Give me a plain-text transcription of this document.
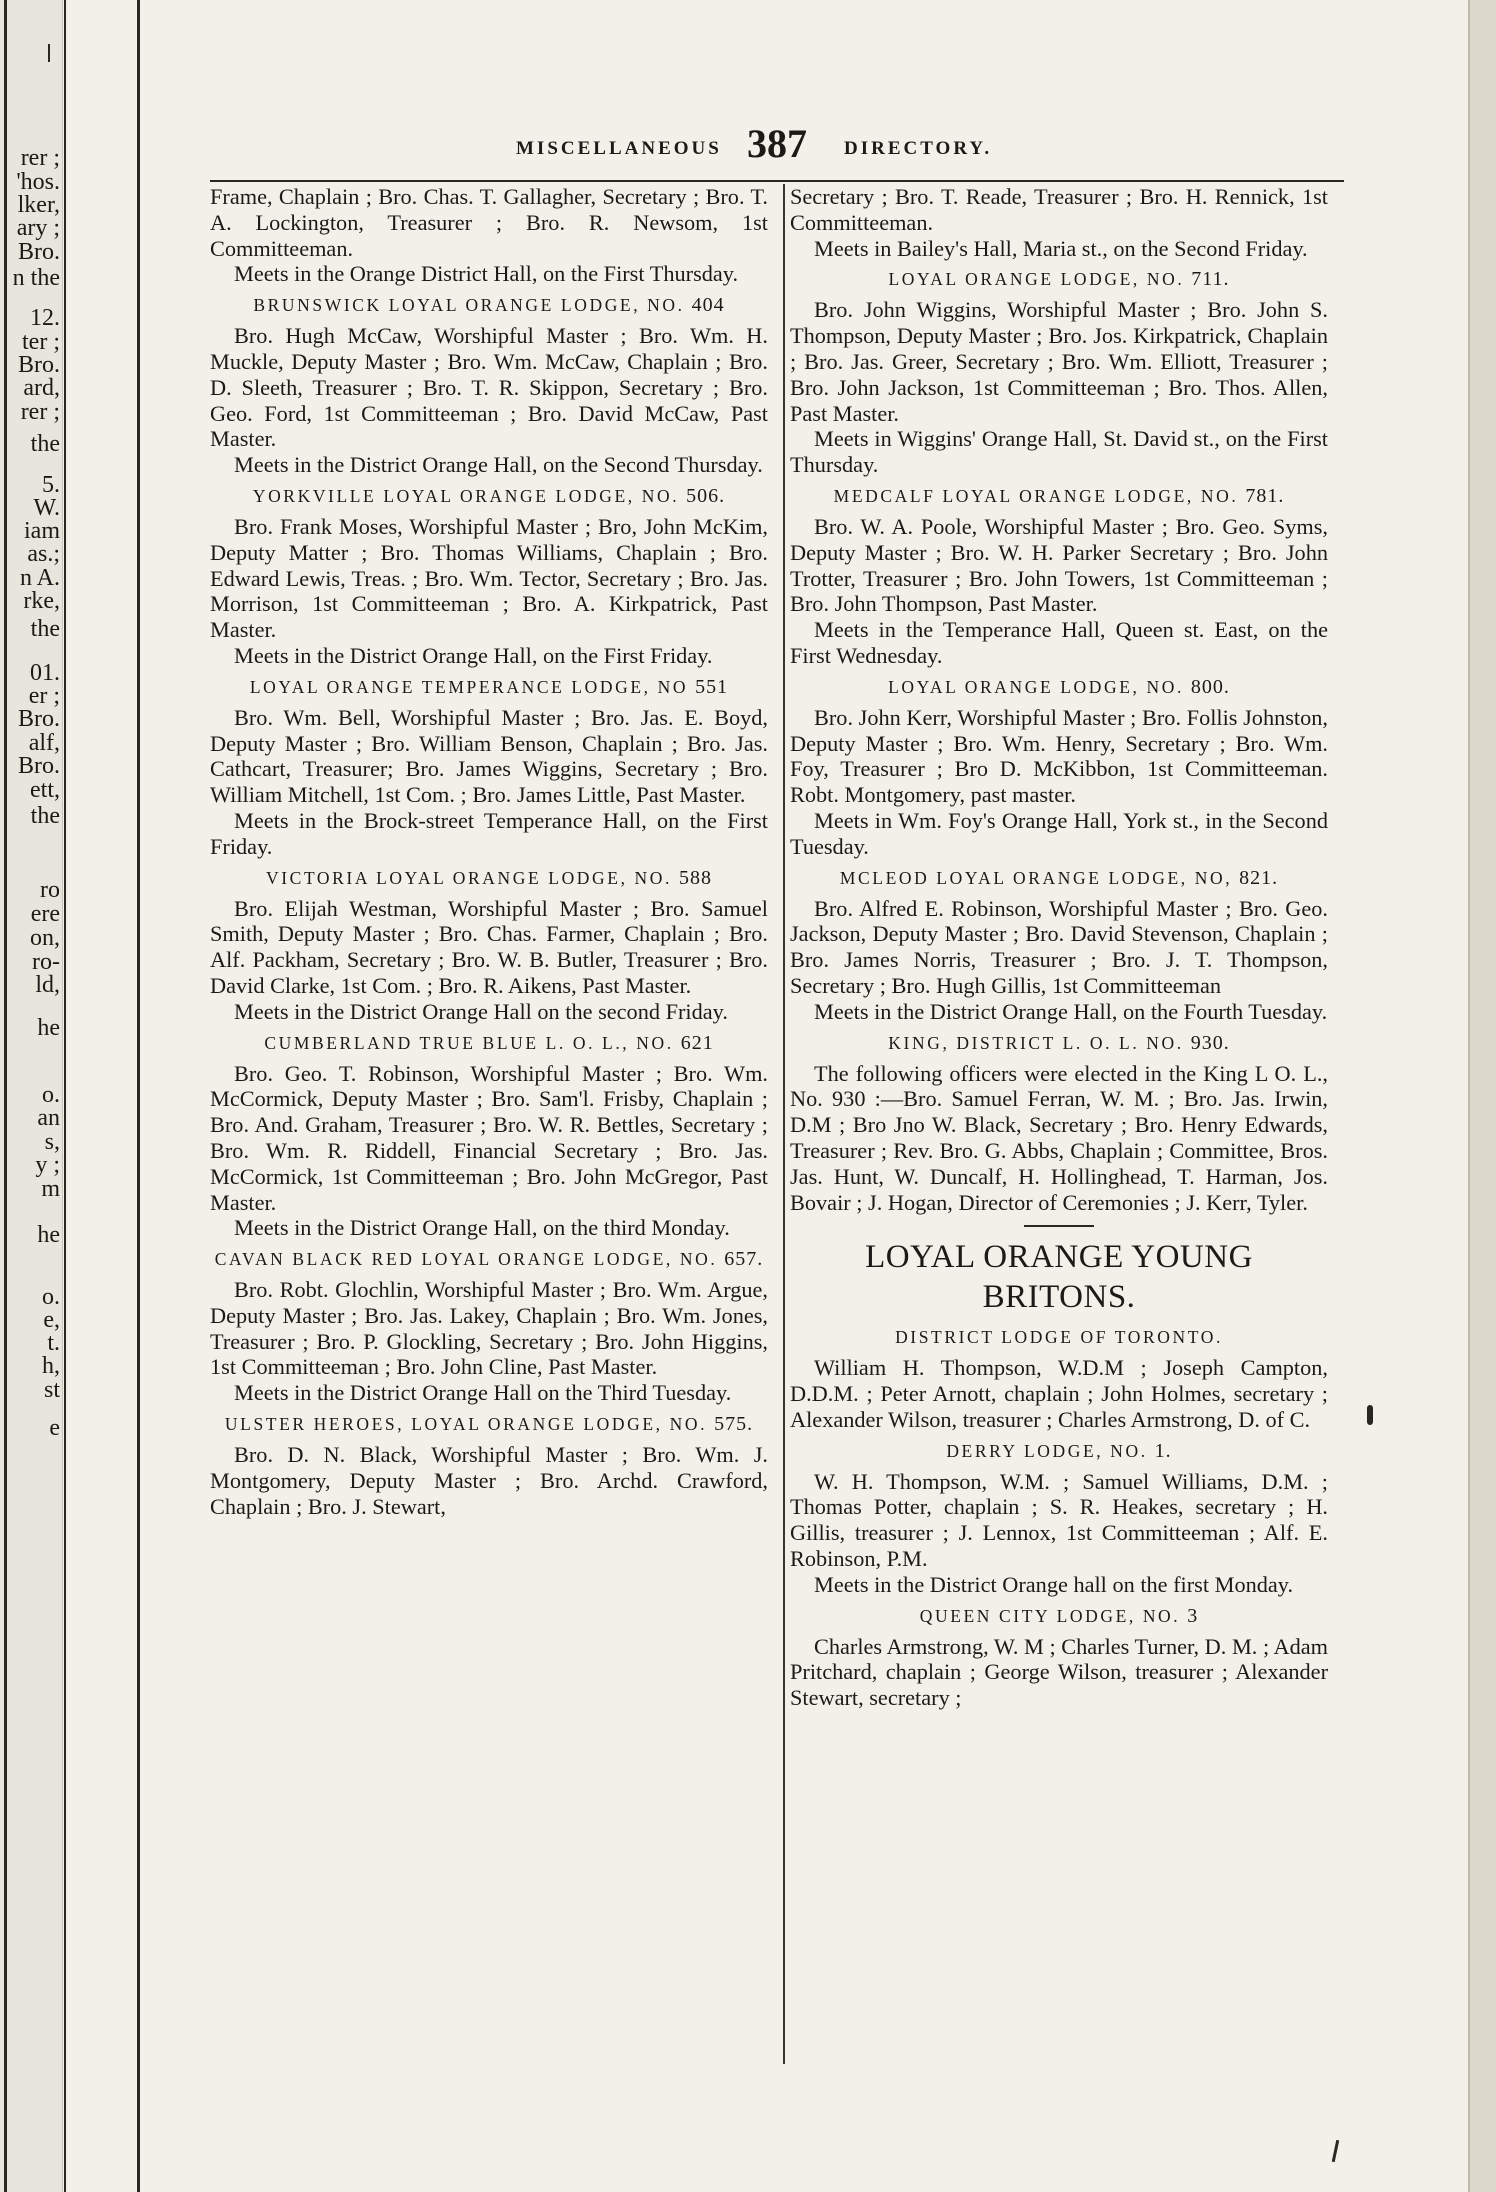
rer ;
'hos.
lker,
ary ;
Bro.
n the
12.
ter ;
Bro.
ard,
rer ;
the
5.
W.
iam
as.;
n A.
rke,
the
01.
er ;
Bro.
alf,
Bro.
ett,
the
ro
ere
on,
ro-
ld,
he
o.
an
s,
y ;
m
he
o.
e,
t.
h,
st
e
MISCELLANEOUS 387 DIRECTORY.

Frame, Chaplain ; Bro. Chas. T. Gallagher, Secretary ; Bro. T. A. Lockington, Treasurer ; Bro. R. Newsom, 1st Committeeman.

Meets in the Orange District Hall, on the First Thursday.

BRUNSWICK LOYAL ORANGE LODGE, NO. 404

Bro. Hugh McCaw, Worshipful Master ; Bro. Wm. H. Muckle, Deputy Master ; Bro. Wm. McCaw, Chaplain ; Bro. D. Sleeth, Treasurer ; Bro. T. R. Skippon, Secretary ; Bro. Geo. Ford, 1st Committeeman ; Bro. David McCaw, Past Master.

Meets in the District Orange Hall, on the Second Thursday.

YORKVILLE LOYAL ORANGE LODGE, NO. 506.

Bro. Frank Moses, Worshipful Master ; Bro, John McKim, Deputy Matter ; Bro. Thomas Williams, Chaplain ; Bro. Edward Lewis, Treas. ; Bro. Wm. Tector, Secretary ; Bro. Jas. Morrison, 1st Committeeman ; Bro. A. Kirkpatrick, Past Master.

Meets in the District Orange Hall, on the First Friday.

LOYAL ORANGE TEMPERANCE LODGE, NO 551

Bro. Wm. Bell, Worshipful Master ; Bro. Jas. E. Boyd, Deputy Master ; Bro. William Benson, Chaplain ; Bro. Jas. Cathcart, Treasurer; Bro. James Wiggins, Secretary ; Bro. William Mitchell, 1st Com. ; Bro. James Little, Past Master.

Meets in the Brock-street Temperance Hall, on the First Friday.

VICTORIA LOYAL ORANGE LODGE, NO. 588

Bro. Elijah Westman, Worshipful Master ; Bro. Samuel Smith, Deputy Master ; Bro. Chas. Farmer, Chaplain ; Bro. Alf. Packham, Secretary ; Bro. W. B. Butler, Treasurer ; Bro. David Clarke, 1st Com. ; Bro. R. Aikens, Past Master.

Meets in the District Orange Hall on the second Friday.

CUMBERLAND TRUE BLUE L. O. L., NO. 621

Bro. Geo. T. Robinson, Worshipful Master ; Bro. Wm. McCormick, Deputy Master ; Bro. Sam'l. Frisby, Chaplain ; Bro. And. Graham, Treasurer ; Bro. W. R. Bettles, Secretary ; Bro. Wm. R. Riddell, Financial Secretary ; Bro. Jas. McCormick, 1st Committeeman ; Bro. John McGregor, Past Master.

Meets in the District Orange Hall, on the third Monday.

CAVAN BLACK RED LOYAL ORANGE LODGE, NO. 657.

Bro. Robt. Glochlin, Worshipful Master ; Bro. Wm. Argue, Deputy Master ; Bro. Jas. Lakey, Chaplain ; Bro. Wm. Jones, Treasurer ; Bro. P. Glockling, Secretary ; Bro. John Higgins, 1st Committeeman ; Bro. John Cline, Past Master.

Meets in the District Orange Hall on the Third Tuesday.

ULSTER HEROES, LOYAL ORANGE LODGE, NO. 575.

Bro. D. N. Black, Worshipful Master ; Bro. Wm. J. Montgomery, Deputy Master ; Bro. Archd. Crawford, Chaplain ; Bro. J. Stewart,

Secretary ; Bro. T. Reade, Treasurer ; Bro. H. Rennick, 1st Committeeman.

Meets in Bailey's Hall, Maria st., on the Second Friday.

LOYAL ORANGE LODGE, NO. 711.

Bro. John Wiggins, Worshipful Master ; Bro. John S. Thompson, Deputy Master ; Bro. Jos. Kirkpatrick, Chaplain ; Bro. Jas. Greer, Secretary ; Bro. Wm. Elliott, Treasurer ; Bro. John Jackson, 1st Committeeman ; Bro. Thos. Allen, Past Master.

Meets in Wiggins' Orange Hall, St. David st., on the First Thursday.

MEDCALF LOYAL ORANGE LODGE, NO. 781.

Bro. W. A. Poole, Worshipful Master ; Bro. Geo. Syms, Deputy Master ; Bro. W. H. Parker Secretary ; Bro. John Trotter, Treasurer ; Bro. John Towers, 1st Committeeman ; Bro. John Thompson, Past Master.

Meets in the Temperance Hall, Queen st. East, on the First Wednesday.

LOYAL ORANGE LODGE, NO. 800.

Bro. John Kerr, Worshipful Master ; Bro. Follis Johnston, Deputy Master ; Bro. Wm. Henry, Secretary ; Bro. Wm. Foy, Treasurer ; Bro D. McKibbon, 1st Committeeman. Robt. Montgomery, past master.

Meets in Wm. Foy's Orange Hall, York st., in the Second Tuesday.

MCLEOD LOYAL ORANGE LODGE, NO, 821.

Bro. Alfred E. Robinson, Worshipful Master ; Bro. Geo. Jackson, Deputy Master ; Bro. David Stevenson, Chaplain ; Bro. James Norris, Treasurer ; Bro. J. T. Thompson, Secretary ; Bro. Hugh Gillis, 1st Committeeman

Meets in the District Orange Hall, on the Fourth Tuesday.

KING, DISTRICT L. O. L. NO. 930.

The following officers were elected in the King L O. L., No. 930 :—Bro. Samuel Ferran, W. M. ; Bro. Jas. Irwin, D.M ; Bro Jno W. Black, Secretary ; Bro. Henry Edwards, Treasurer ; Rev. Bro. G. Abbs, Chaplain ; Committee, Bros. Jas. Hunt, W. Duncalf, H. Hollinghead, T. Harman, Jos. Bovair ; J. Hogan, Director of Ceremonies ; J. Kerr, Tyler.

LOYAL ORANGE YOUNG BRITONS.
DISTRICT LODGE OF TORONTO.

William H. Thompson, W.D.M ; Joseph Campton, D.D.M. ; Peter Arnott, chaplain ; John Holmes, secretary ; Alexander Wilson, treasurer ; Charles Armstrong, D. of C.

DERRY LODGE, NO. 1.

W. H. Thompson, W.M. ; Samuel Williams, D.M. ; Thomas Potter, chaplain ; S. R. Heakes, secretary ; H. Gillis, treasurer ; J. Lennox, 1st Committeeman ; Alf. E. Robinson, P.M.

Meets in the District Orange hall on the first Monday.

QUEEN CITY LODGE, NO. 3

Charles Armstrong, W. M ; Charles Turner, D. M. ; Adam Pritchard, chaplain ; George Wilson, treasurer ; Alexander Stewart, secretary ;
